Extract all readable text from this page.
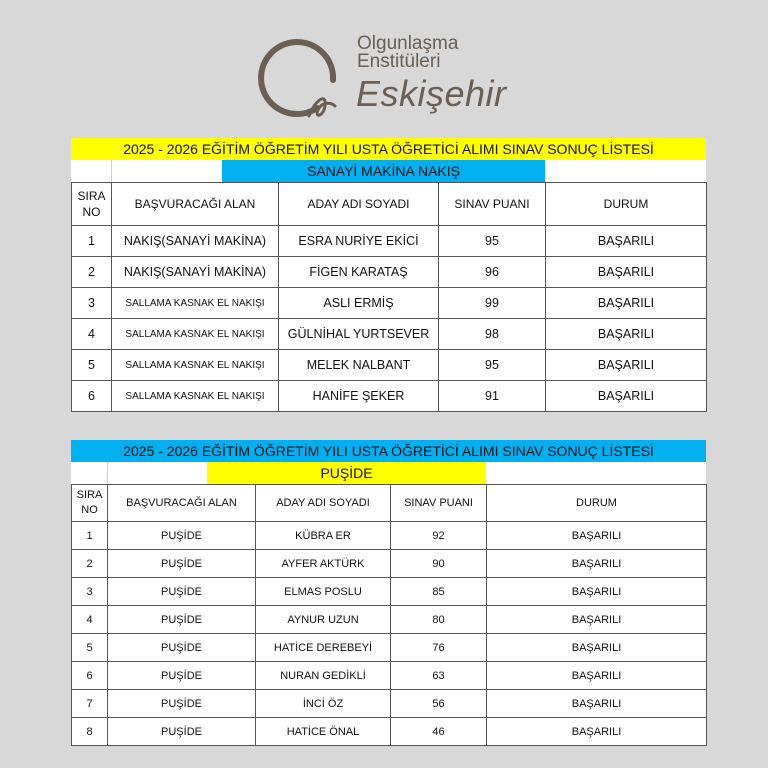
Olgunlaşma
Enstitüleri
Eskişehir
2025 - 2026 EĞİTİM ÖĞRETİM YILI USTA ÖĞRETİCİ ALIMI SINAV SONUÇ LİSTESİ
SANAYİ MAKİNA NAKIŞ
SIRA NO	BAŞVURACAĞI ALAN	ADAY ADI SOYADI	SINAV PUANI	DURUM
1	NAKIŞ(SANAYİ MAKİNA)	ESRA NURİYE EKİCİ	95	BAŞARILI
2	NAKIŞ(SANAYİ MAKİNA)	FİGEN KARATAŞ	96	BAŞARILI
3	SALLAMA KASNAK EL NAKIŞI	ASLI ERMİŞ	99	BAŞARILI
4	SALLAMA KASNAK EL NAKIŞI	GÜLNİHAL YURTSEVER	98	BAŞARILI
5	SALLAMA KASNAK EL NAKIŞI	MELEK NALBANT	95	BAŞARILI
6	SALLAMA KASNAK EL NAKIŞI	HANİFE ŞEKER	91	BAŞARILI
2025 - 2026 EĞİTİM ÖĞRETİM YILI USTA ÖĞRETİCİ ALIMI SINAV SONUÇ LİSTESİ
PUŞİDE
SIRA NO	BAŞVURACAĞI ALAN	ADAY ADI SOYADI	SINAV PUANI	DURUM
1	PUŞİDE	KÜBRA ER	92	BAŞARILI
2	PUŞİDE	AYFER AKTÜRK	90	BAŞARILI
3	PUŞİDE	ELMAS POSLU	85	BAŞARILI
4	PUŞİDE	AYNUR UZUN	80	BAŞARILI
5	PUŞİDE	HATİCE DEREBEYİ	76	BAŞARILI
6	PUŞİDE	NURAN GEDİKLİ	63	BAŞARILI
7	PUŞİDE	İNCİ ÖZ	56	BAŞARILI
8	PUŞİDE	HATİCE ÖNAL	46	BAŞARILI
